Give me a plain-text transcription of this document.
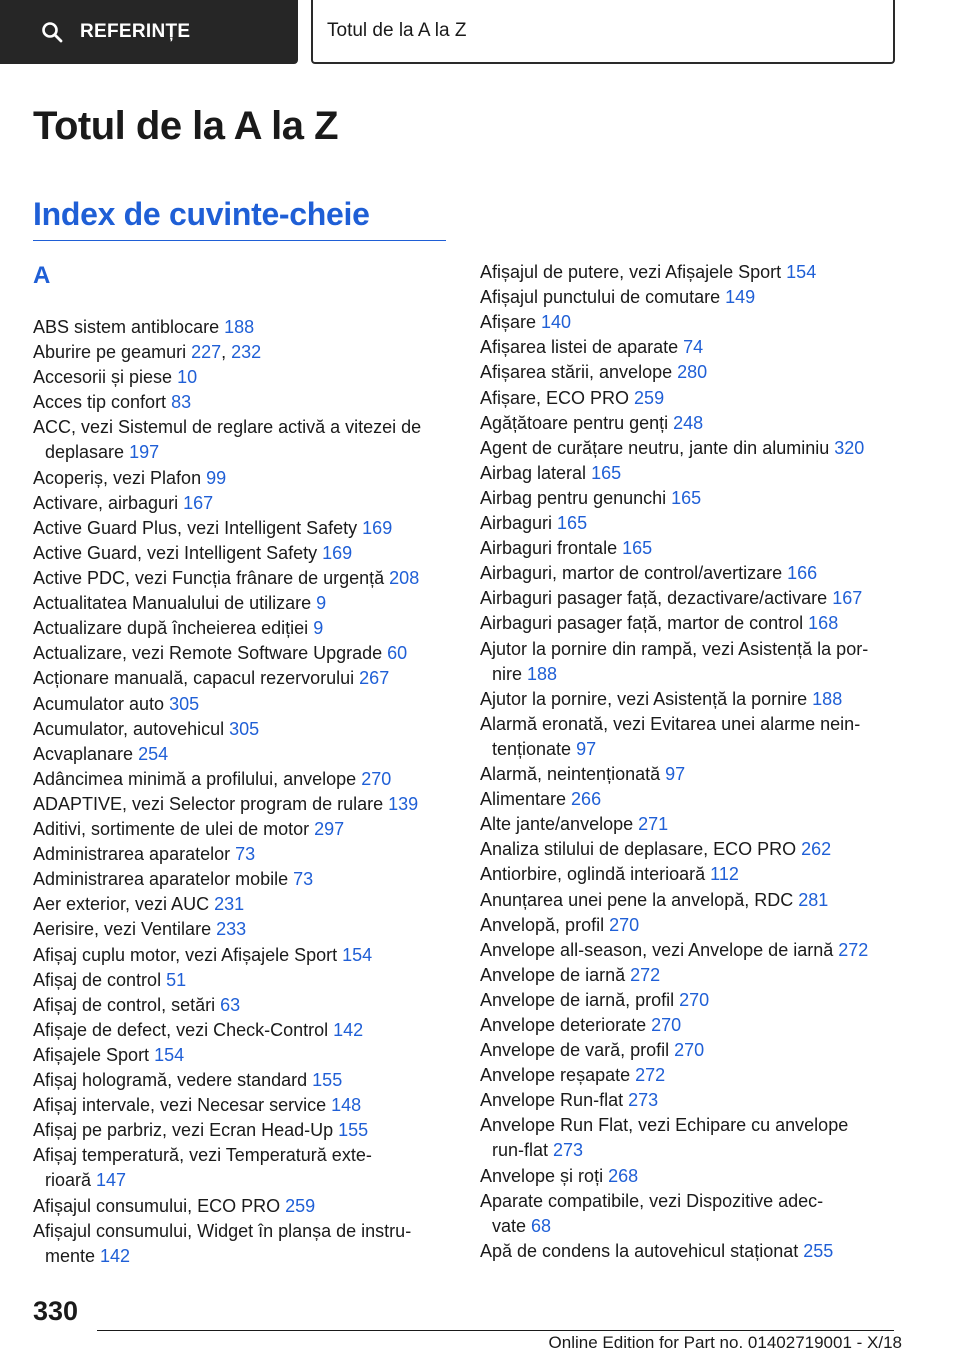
REFERINȚE	Totul de la A la Z
Totul de la A la Z
Index de cuvinte-cheie
A
ABS sistem antiblocare 188
Aburire pe geamuri 227, 232
Accesorii și piese 10
Acces tip confort 83
ACC, vezi Sistemul de reglare activă a vitezei de
deplasare 197
Acoperiș, vezi Plafon 99
Activare, airbaguri 167
Active Guard Plus, vezi Intelligent Safety 169
Active Guard, vezi Intelligent Safety 169
Active PDC, vezi Funcția frânare de urgență 208
Actualitatea Manualului de utilizare 9
Actualizare după încheierea ediției 9
Actualizare, vezi Remote Software Upgrade 60
Acționare manuală, capacul rezervorului 267
Acumulator auto 305
Acumulator, autovehicul 305
Acvaplanare 254
Adâncimea minimă a profilului, anvelope 270
ADAPTIVE, vezi Selector program de rulare 139
Aditivi, sortimente de ulei de motor 297
Administrarea aparatelor 73
Administrarea aparatelor mobile 73
Aer exterior, vezi AUC 231
Aerisire, vezi Ventilare 233
Afișaj cuplu motor, vezi Afișajele Sport 154
Afișaj de control 51
Afișaj de control, setări 63
Afișaje de defect, vezi Check-Control 142
Afișajele Sport 154
Afișaj hologramă, vedere standard 155
Afișaj intervale, vezi Necesar service 148
Afișaj pe parbriz, vezi Ecran Head-Up 155
Afișaj temperatură, vezi Temperatură exte-
rioară 147
Afișajul consumului, ECO PRO 259
Afișajul consumului, Widget în planșa de instru-
mente 142
Afișajul de putere, vezi Afișajele Sport 154
Afișajul punctului de comutare 149
Afișare 140
Afișarea listei de aparate 74
Afișarea stării, anvelope 280
Afișare, ECO PRO 259
Agățătoare pentru genți 248
Agent de curățare neutru, jante din aluminiu 320
Airbag lateral 165
Airbag pentru genunchi 165
Airbaguri 165
Airbaguri frontale 165
Airbaguri, martor de control/avertizare 166
Airbaguri pasager față, dezactivare/activare 167
Airbaguri pasager față, martor de control 168
Ajutor la pornire din rampă, vezi Asistență la por-
nire 188
Ajutor la pornire, vezi Asistență la pornire 188
Alarmă eronată, vezi Evitarea unei alarme nein-
tenționate 97
Alarmă, neintenționată 97
Alimentare 266
Alte jante/anvelope 271
Analiza stilului de deplasare, ECO PRO 262
Antiorbire, oglindă interioară 112
Anunțarea unei pene la anvelopă, RDC 281
Anvelopă, profil 270
Anvelope all-season, vezi Anvelope de iarnă 272
Anvelope de iarnă 272
Anvelope de iarnă, profil 270
Anvelope deteriorate 270
Anvelope de vară, profil 270
Anvelope reșapate 272
Anvelope Run-flat 273
Anvelope Run Flat, vezi Echipare cu anvelope
run-flat 273
Anvelope și roți 268
Aparate compatibile, vezi Dispozitive adec-
vate 68
Apă de condens la autovehicul staționat 255

330

Online Edition for Part no. 01402719001 - X/18
